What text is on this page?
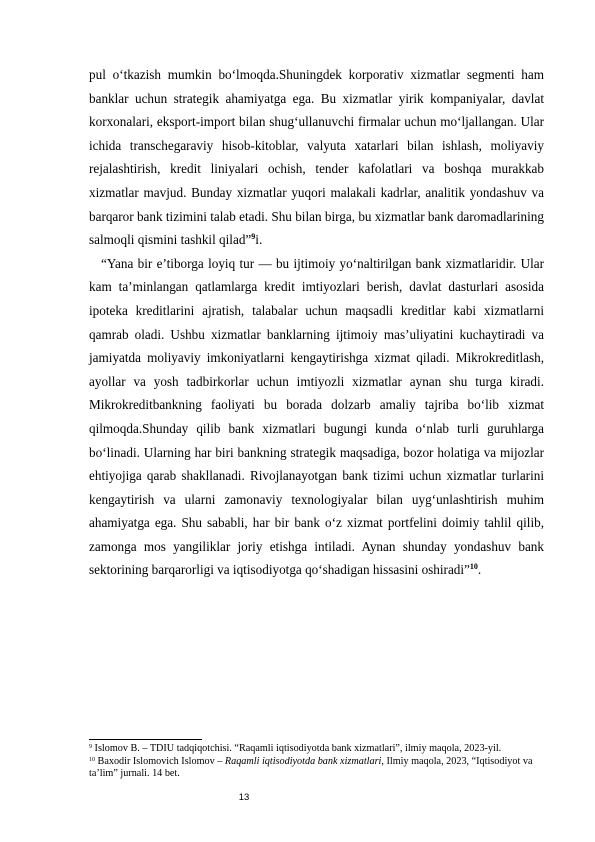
pul o‘tkazish mumkin bo‘lmoqda.Shuningdek korporativ xizmatlar segmenti ham banklar uchun strategik ahamiyatga ega. Bu xizmatlar yirik kompaniyalar, davlat korxonalari, eksport-import bilan shug‘ullanuvchi firmalar uchun mo‘ljallangan. Ular ichida transchegaraviy hisob-kitoblar, valyuta xatarlari bilan ishlash, moliyaviy rejalashtirish, kredit liniyalari ochish, tender kafolatlari va boshqa murakkab xizmatlar mavjud. Bunday xizmatlar yuqori malakali kadrlar, analitik yondashuv va barqaror bank tizimini talab etadi. Shu bilan birga, bu xizmatlar bank daromadlarining salmoqli qismini tashkil qilad”$^9$i.

“Yana bir e’tiborga loyiq tur — bu ijtimoiy yo‘naltirilgan bank xizmatlaridir. Ular kam ta’minlangan qatlamlarga kredit imtiyozlari berish, davlat dasturlari asosida ipoteka kreditlarini ajratish, talabalar uchun maqsadli kreditlar kabi xizmatlarni qamrab oladi. Ushbu xizmatlar banklarning ijtimoiy mas’uliyatini kuchaytiradi va jamiyatda moliyaviy imkoniyatlarni kengaytirishga xizmat qiladi. Mikrokreditlash, ayollar va yosh tadbirkorlar uchun imtiyozli xizmatlar aynan shu turga kiradi. Mikrokreditbankning faoliyati bu borada dolzarb amaliy tajriba bo‘lib xizmat qilmoqda.Shunday qilib bank xizmatlari bugungi kunda o‘nlab turli guruhlarga bo‘linadi. Ularning har biri bankning strategik maqsadiga, bozor holatiga va mijozlar ehtiyojiga qarab shakllanadi. Rivojlanayotgan bank tizimi uchun xizmatlar turlarini kengaytirish va ularni zamonaviy texnologiyalar bilan uyg‘unlashtirish muhim ahamiyatga ega. Shu sababli, har bir bank o‘z xizmat portfelini doimiy tahlil qilib, zamonga mos yangiliklar joriy etishga intiladi. Aynan shunday yondashuv bank sektorining barqarorligi va iqtisodiyotga qo‘shadigan hissasini oshiradi”$^{10}$.

$^9$ Islomov B. – TDIU tadqiqotchisi. “Raqamli iqtisodiyotda bank xizmatlari”, ilmiy maqola, 2023-yil.

$^{10}$ Baxodir Islomovich Islomov – Raqamli iqtisodiyotda bank xizmatlari, Ilmiy maqola, 2023, “Iqtisodiyot va ta’lim” jurnali. 14 bet.

13
